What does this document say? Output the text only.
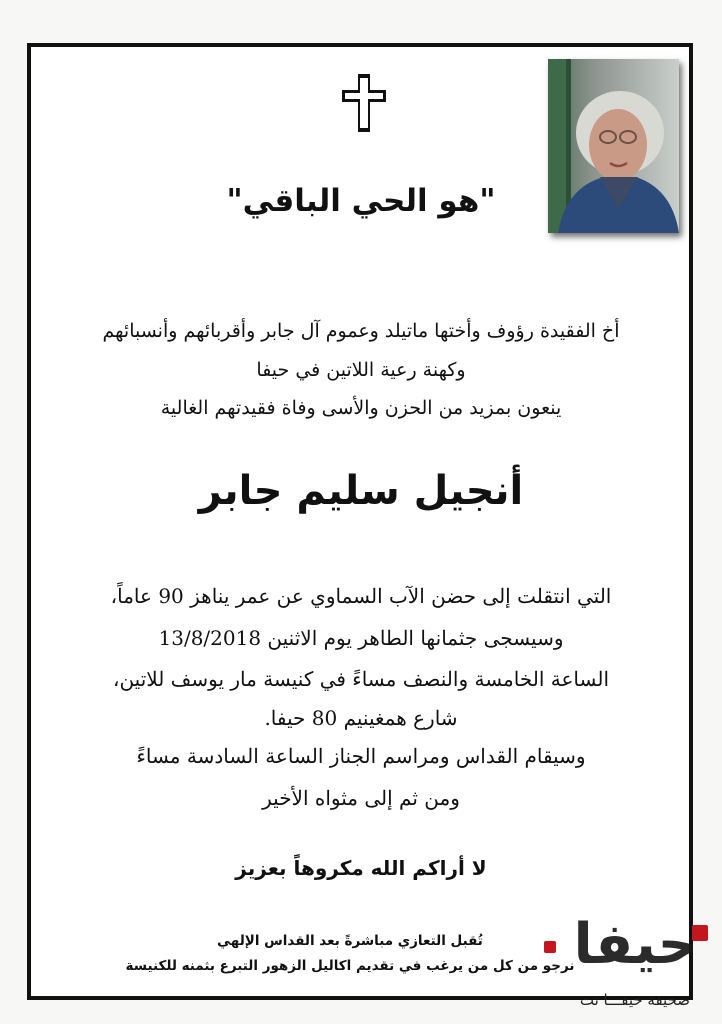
"هو الحي الباقي"

أخ الفقيدة رؤوف وأختها ماتيلد وعموم آل جابر وأقربائهم وأنسبائهم

وكهنة رعية اللاتين في حيفا

ينعون بمزيد من الحزن والأسى وفاة فقيدتهم الغالية

أنجيل سليم جابر

التي انتقلت إلى حضن الآب السماوي عن عمر يناهز 90 عاماً،

وسيسجى جثمانها الطاهر يوم الاثنين 13/8/2018

الساعة الخامسة والنصف مساءً في كنيسة مار يوسف للاتين،

شارع همغينيم 80 حيفا.

وسيقام القداس ومراسم الجناز الساعة السادسة مساءً

ومن ثم إلى مثواه الأخير

لا أراكم الله مكروهاً بعزيز

تُقبل التعازي مباشرةً بعد القداس الإلهي

نرجو من كل من يرغب في تقديم اكاليل الزهور التبرع بثمنه للكنيسة

حيفا
صحيفة حيفـــا نت
